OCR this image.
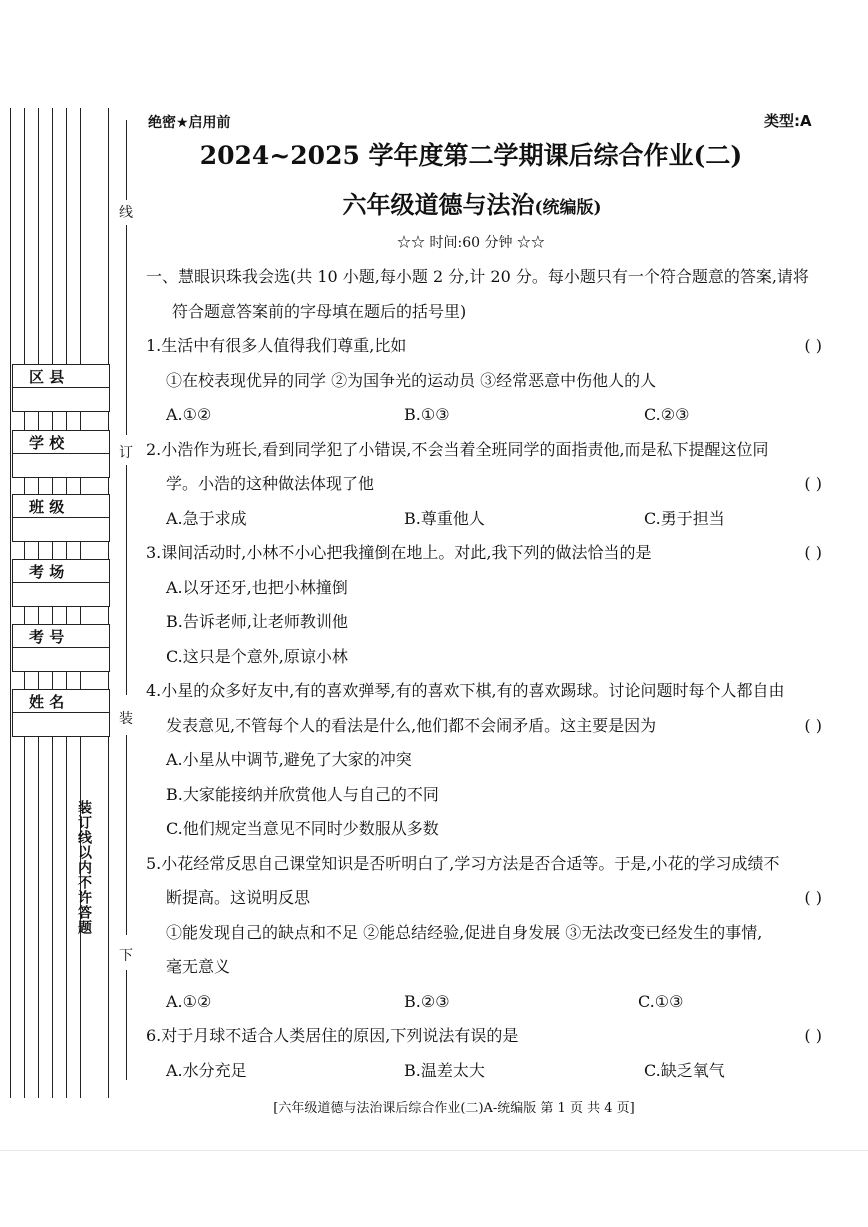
线
订
装
下
区 县
学 校
班 级
考 场
考 号
姓 名
装订线以内不许答题
绝密★启用前	类型:A
2024~2025 学年度第二学期课后综合作业(二)
六年级道德与法治(统编版)
☆☆ 时间:60 分钟 ☆☆
一、慧眼识珠我会选(共 10 小题,每小题 2 分,计 20 分。每小题只有一个符合题意的答案,请将
符合题意答案前的字母填在题后的括号里)
1.生活中有很多人值得我们尊重,比如	( )
①在校表现优异的同学 ②为国争光的运动员 ③经常恶意中伤他人的人
A.①②	B.①③	C.②③
2.小浩作为班长,看到同学犯了小错误,不会当着全班同学的面指责他,而是私下提醒这位同
学。小浩的这种做法体现了他	( )
A.急于求成	B.尊重他人	C.勇于担当
3.课间活动时,小林不小心把我撞倒在地上。对此,我下列的做法恰当的是	( )
A.以牙还牙,也把小林撞倒
B.告诉老师,让老师教训他
C.这只是个意外,原谅小林
4.小星的众多好友中,有的喜欢弹琴,有的喜欢下棋,有的喜欢踢球。讨论问题时每个人都自由
发表意见,不管每个人的看法是什么,他们都不会闹矛盾。这主要是因为	( )
A.小星从中调节,避免了大家的冲突
B.大家能接纳并欣赏他人与自己的不同
C.他们规定当意见不同时少数服从多数
5.小花经常反思自己课堂知识是否听明白了,学习方法是否合适等。于是,小花的学习成绩不
断提高。这说明反思	( )
①能发现自己的缺点和不足 ②能总结经验,促进自身发展 ③无法改变已经发生的事情,
毫无意义
A.①②	B.②③	C.①③
6.对于月球不适合人类居住的原因,下列说法有误的是	( )
A.水分充足	B.温差太大	C.缺乏氧气
[六年级道德与法治课后综合作业(二)A-统编版 第 1 页 共 4 页]
